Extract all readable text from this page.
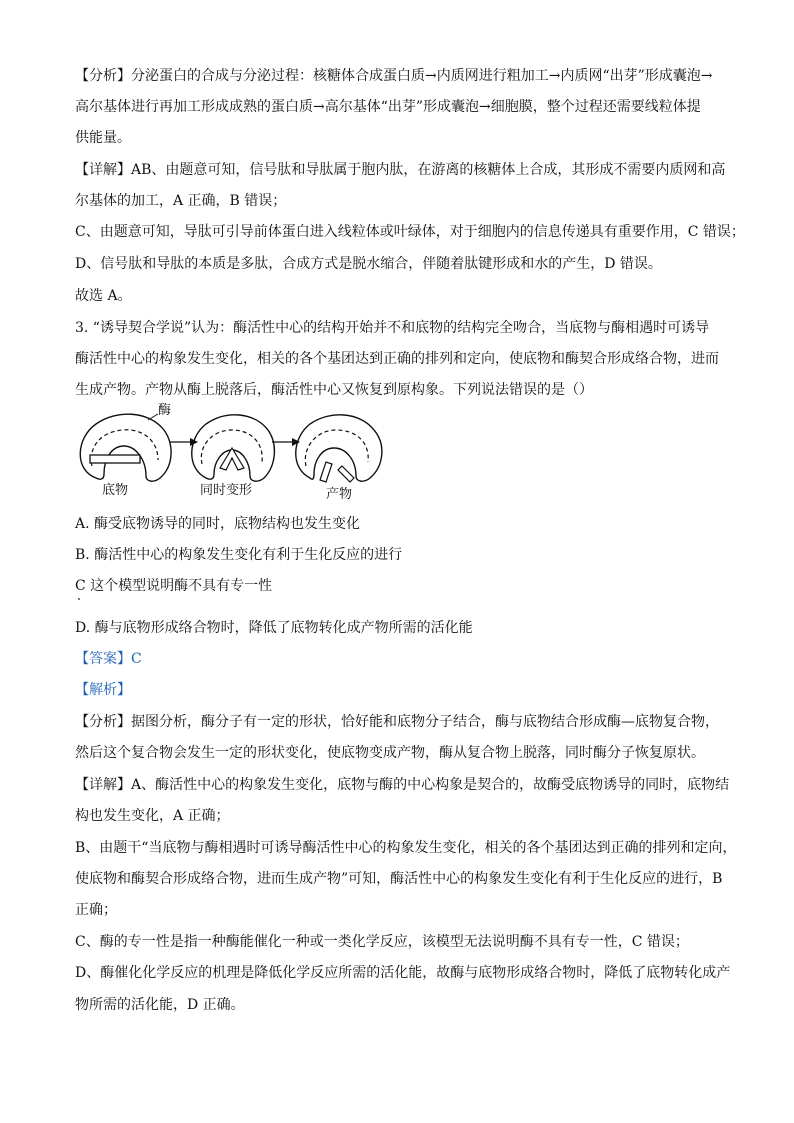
【分析】分泌蛋白的合成与分泌过程：核糖体合成蛋白质→内质网进行粗加工→内质网“出芽”形成囊泡→
高尔基体进行再加工形成成熟的蛋白质→高尔基体“出芽”形成囊泡→细胞膜，整个过程还需要线粒体提
供能量。
【详解】AB、由题意可知，信号肽和导肽属于胞内肽，在游离的核糖体上合成，其形成不需要内质网和高
尔基体的加工，A 正确，B 错误；
C、由题意可知，导肽可引导前体蛋白进入线粒体或叶绿体，对于细胞内的信息传递具有重要作用，C 错误；
D、信号肽和导肽的本质是多肽，合成方式是脱水缩合，伴随着肽键形成和水的产生，D 错误。
故选 A。
3. “诱导契合学说”认为：酶活性中心的结构开始并不和底物的结构完全吻合，当底物与酶相遇时可诱导
酶活性中心的构象发生变化，相关的各个基团达到正确的排列和定向，使底物和酶契合形成络合物，进而
生成产物。产物从酶上脱落后，酶活性中心又恢复到原构象。下列说法错误的是（）
酶
底物	同时变形	产物
A. 酶受底物诱导的同时，底物结构也发生变化
B. 酶活性中心的构象发生变化有利于生化反应的进行
C 这个模型说明酶不具有专一性
D. 酶与底物形成络合物时，降低了底物转化成产物所需的活化能
【答案】C
【解析】
【分析】据图分析，酶分子有一定的形状，恰好能和底物分子结合，酶与底物结合形成酶—底物复合物，
然后这个复合物会发生一定的形状变化，使底物变成产物，酶从复合物上脱落，同时酶分子恢复原状。
【详解】A、酶活性中心的构象发生变化，底物与酶的中心构象是契合的，故酶受底物诱导的同时，底物结
构也发生变化，A 正确；
B、由题干“当底物与酶相遇时可诱导酶活性中心的构象发生变化，相关的各个基团达到正确的排列和定向，
使底物和酶契合形成络合物，进而生成产物”可知，酶活性中心的构象发生变化有利于生化反应的进行，B
正确；
C、酶的专一性是指一种酶能催化一种或一类化学反应，该模型无法说明酶不具有专一性，C 错误；
D、酶催化化学反应的机理是降低化学反应所需的活化能，故酶与底物形成络合物时，降低了底物转化成产
物所需的活化能，D 正确。
